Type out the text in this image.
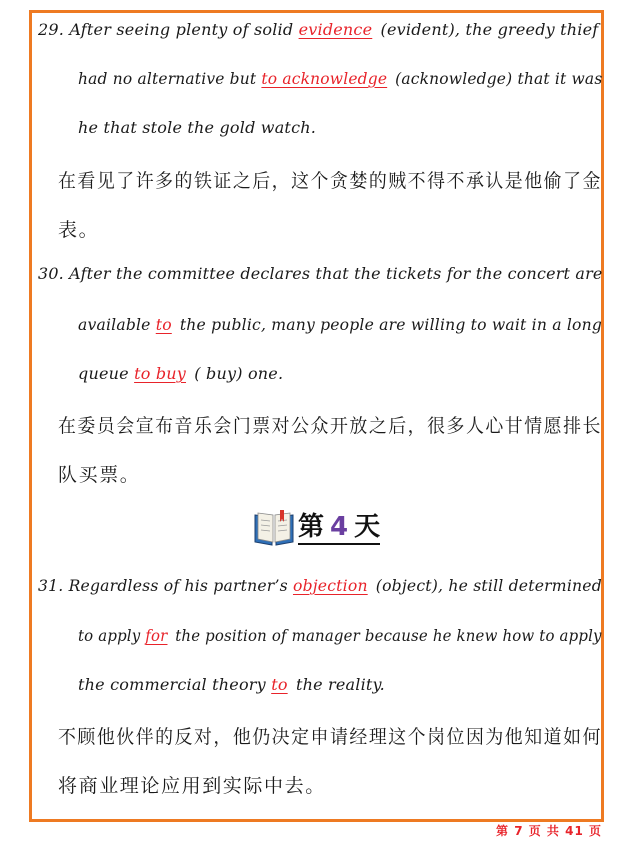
29. After seeing plenty of solid evidence (evident), the greedy thief
had no alternative but to acknowledge (acknowledge) that it was
he that stole the gold watch.
在看见了许多的铁证之后，这个贪婪的贼不得不承认是他偷了金
表。
30. After the committee declares that the tickets for the concert are
available to the public, many people are willing to wait in a long
queue to buy ( buy) one.
在委员会宣布音乐会门票对公众开放之后，很多人心甘情愿排长
队买票。
第 4 天
31. Regardless of his partner’s objection (object), he still determined
to apply for the position of manager because he knew how to apply
the commercial theory to the reality.
不顾他伙伴的反对，他仍决定申请经理这个岗位因为他知道如何
将商业理论应用到实际中去。
第 7 页 共 41 页
